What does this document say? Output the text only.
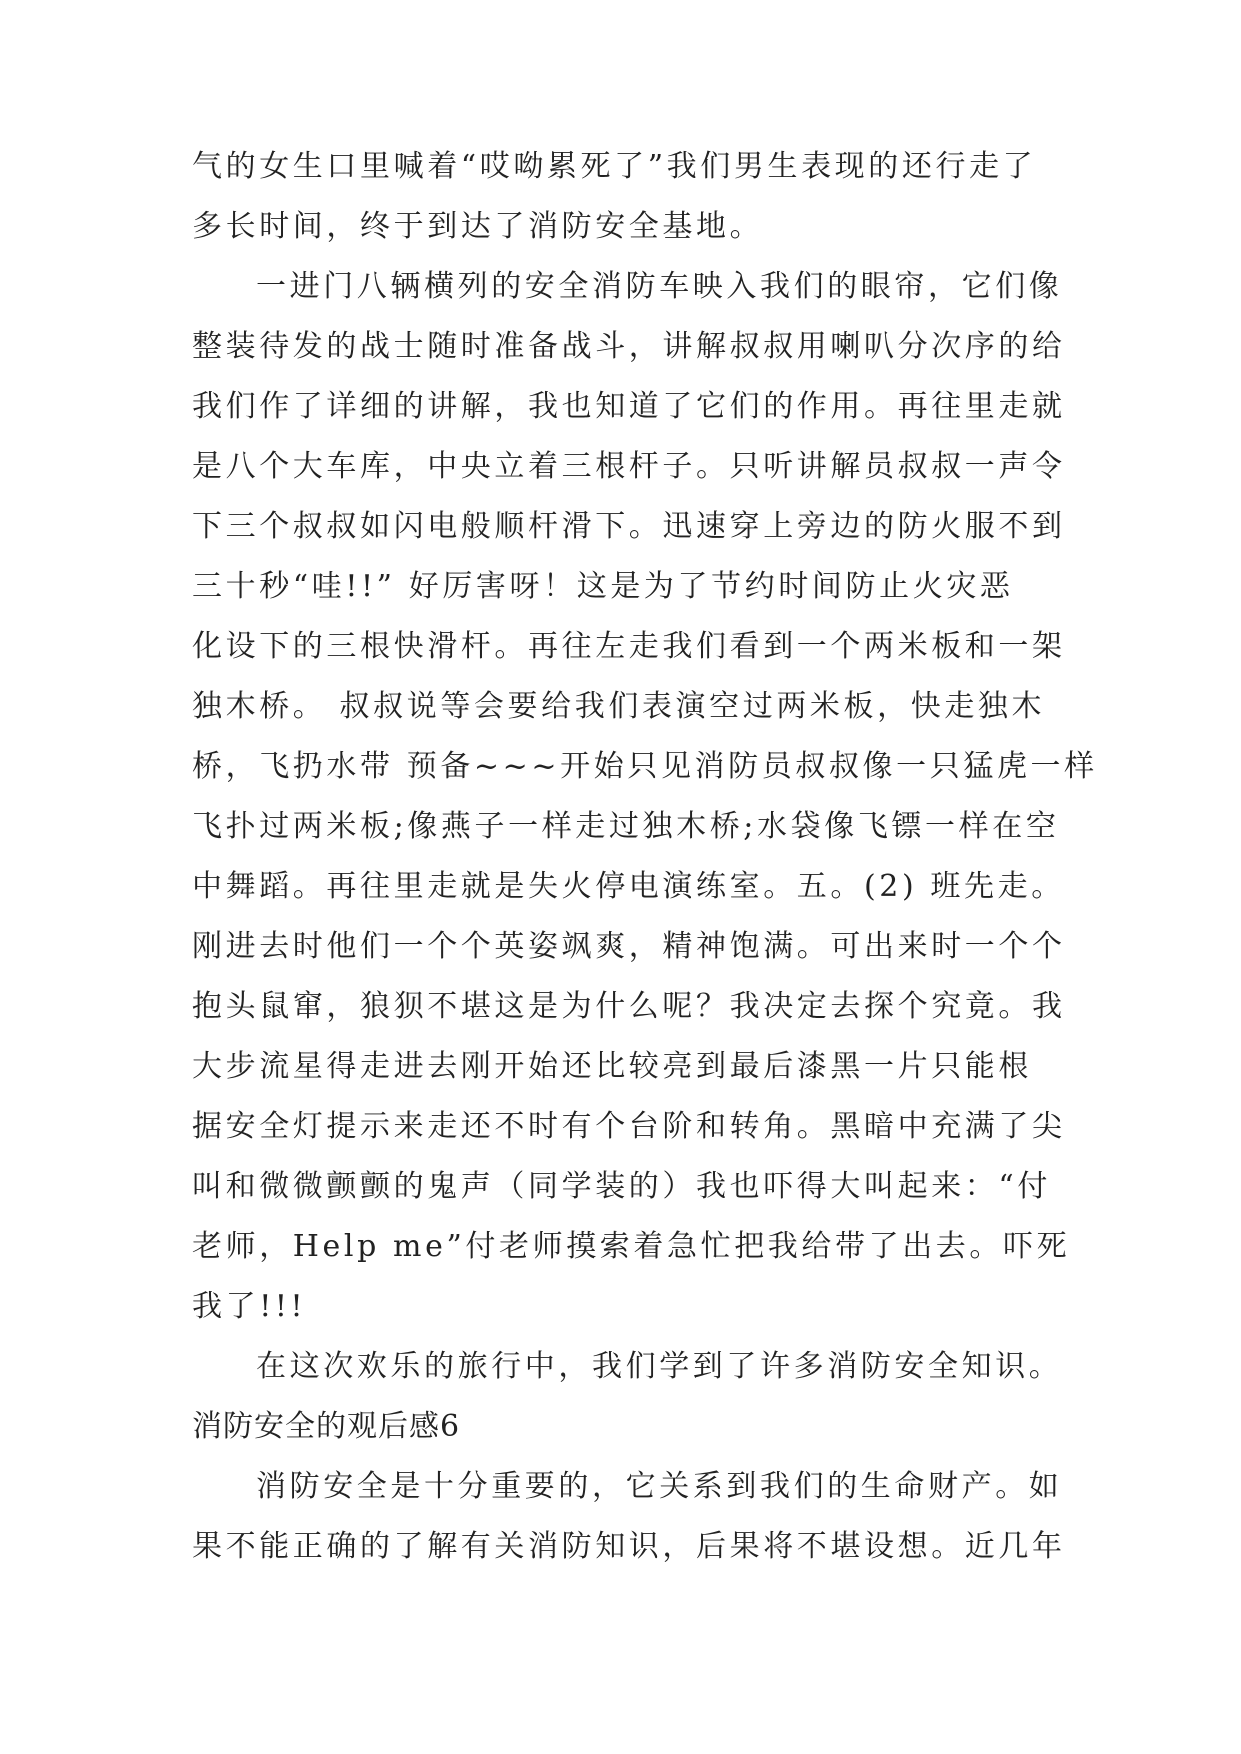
气的女生口里喊着“哎呦累死了”我们男生表现的还行走了
多长时间，终于到达了消防安全基地。
一进门八辆横列的安全消防车映入我们的眼帘，它们像
整装待发的战士随时准备战斗，讲解叔叔用喇叭分次序的给
我们作了详细的讲解，我也知道了它们的作用。再往里走就
是八个大车库，中央立着三根杆子。只听讲解员叔叔一声令
下三个叔叔如闪电般顺杆滑下。迅速穿上旁边的防火服不到
三十秒“哇!!” 好厉害呀！这是为了节约时间防止火灾恶
化设下的三根快滑杆。再往左走我们看到一个两米板和一架
独木桥。 叔叔说等会要给我们表演空过两米板，快走独木
桥，飞扔水带 预备~~~开始只见消防员叔叔像一只猛虎一样
飞扑过两米板;像燕子一样走过独木桥;水袋像飞镖一样在空
中舞蹈。再往里走就是失火停电演练室。五。(2) 班先走。
刚进去时他们一个个英姿飒爽，精神饱满。可出来时一个个
抱头鼠窜，狼狈不堪这是为什么呢？我决定去探个究竟。我
大步流星得走进去刚开始还比较亮到最后漆黑一片只能根
据安全灯提示来走还不时有个台阶和转角。黑暗中充满了尖
叫和微微颤颤的鬼声（同学装的）我也吓得大叫起来：“付
老师，Help me”付老师摸索着急忙把我给带了出去。吓死
我了!!!
在这次欢乐的旅行中，我们学到了许多消防安全知识。
消防安全的观后感6
消防安全是十分重要的，它关系到我们的生命财产。如
果不能正确的了解有关消防知识，后果将不堪设想。近几年
